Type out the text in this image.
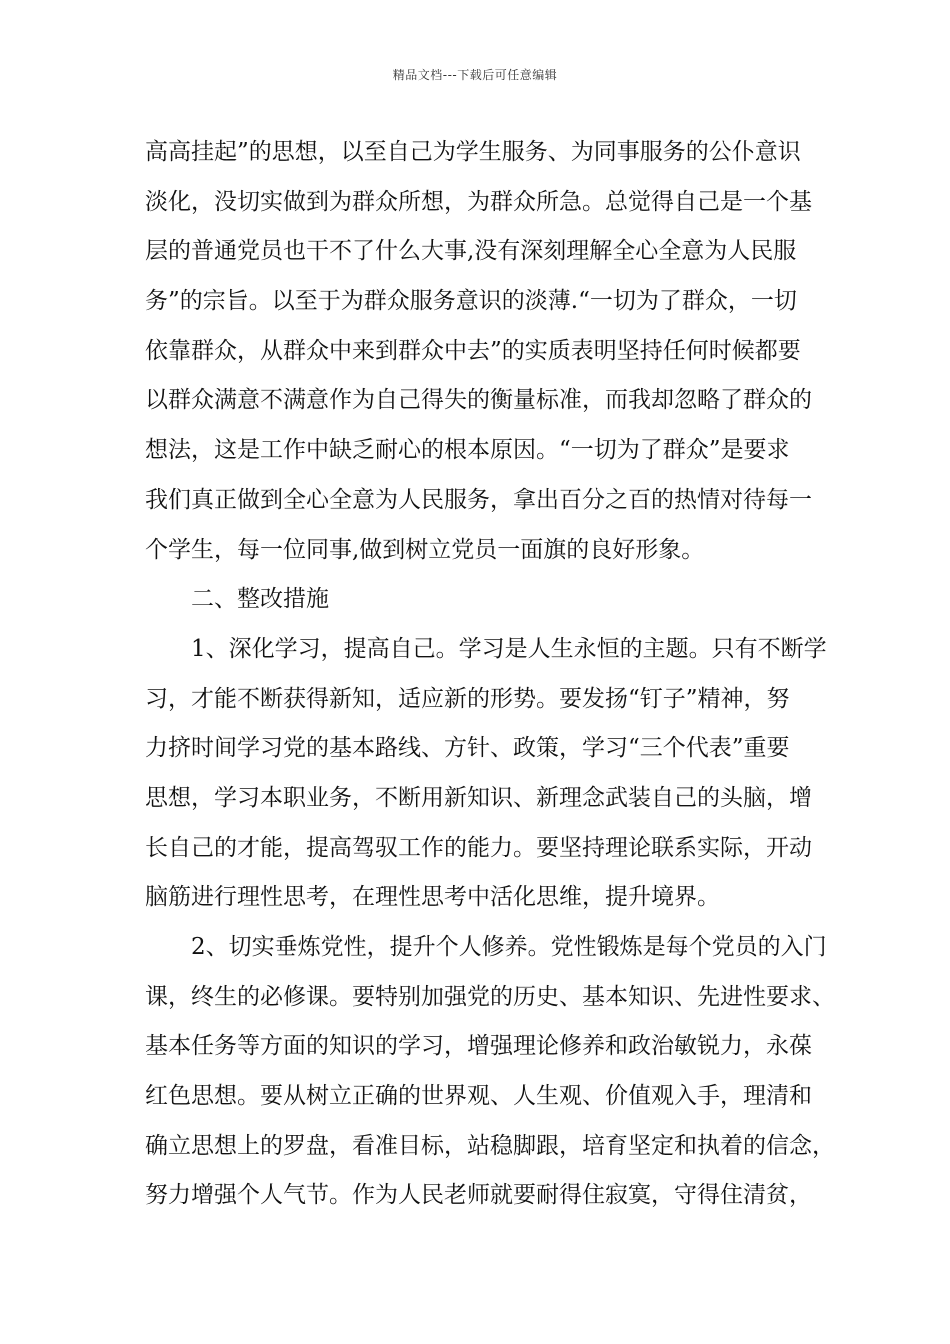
精品文档---下载后可任意编辑
高高挂起”的思想，以至自己为学生服务、为同事服务的公仆意识
淡化，没切实做到为群众所想，为群众所急。总觉得自己是一个基
层的普通党员也干不了什么大事,没有深刻理解全心全意为人民服
务”的宗旨。以至于为群众服务意识的淡薄.“一切为了群众，一切
依靠群众，从群众中来到群众中去”的实质表明坚持任何时候都要
以群众满意不满意作为自己得失的衡量标准，而我却忽略了群众的
想法，这是工作中缺乏耐心的根本原因。“一切为了群众”是要求
我们真正做到全心全意为人民服务，拿出百分之百的热情对待每一
个学生，每一位同事,做到树立党员一面旗的良好形象。
　　二、整改措施
　　1、深化学习，提高自己。学习是人生永恒的主题。只有不断学
习，才能不断获得新知，适应新的形势。要发扬“钉子”精神，努
力挤时间学习党的基本路线、方针、政策，学习“三个代表”重要
思想，学习本职业务，不断用新知识、新理念武装自己的头脑，增
长自己的才能，提高驾驭工作的能力。要坚持理论联系实际，开动
脑筋进行理性思考，在理性思考中活化思维，提升境界。
　　2、切实垂炼党性，提升个人修养。党性锻炼是每个党员的入门
课，终生的必修课。要特别加强党的历史、基本知识、先进性要求、
基本任务等方面的知识的学习，增强理论修养和政治敏锐力，永葆
红色思想。要从树立正确的世界观、人生观、价值观入手，理清和
确立思想上的罗盘，看准目标，站稳脚跟，培育坚定和执着的信念，
努力增强个人气节。作为人民老师就要耐得住寂寞，守得住清贫，
